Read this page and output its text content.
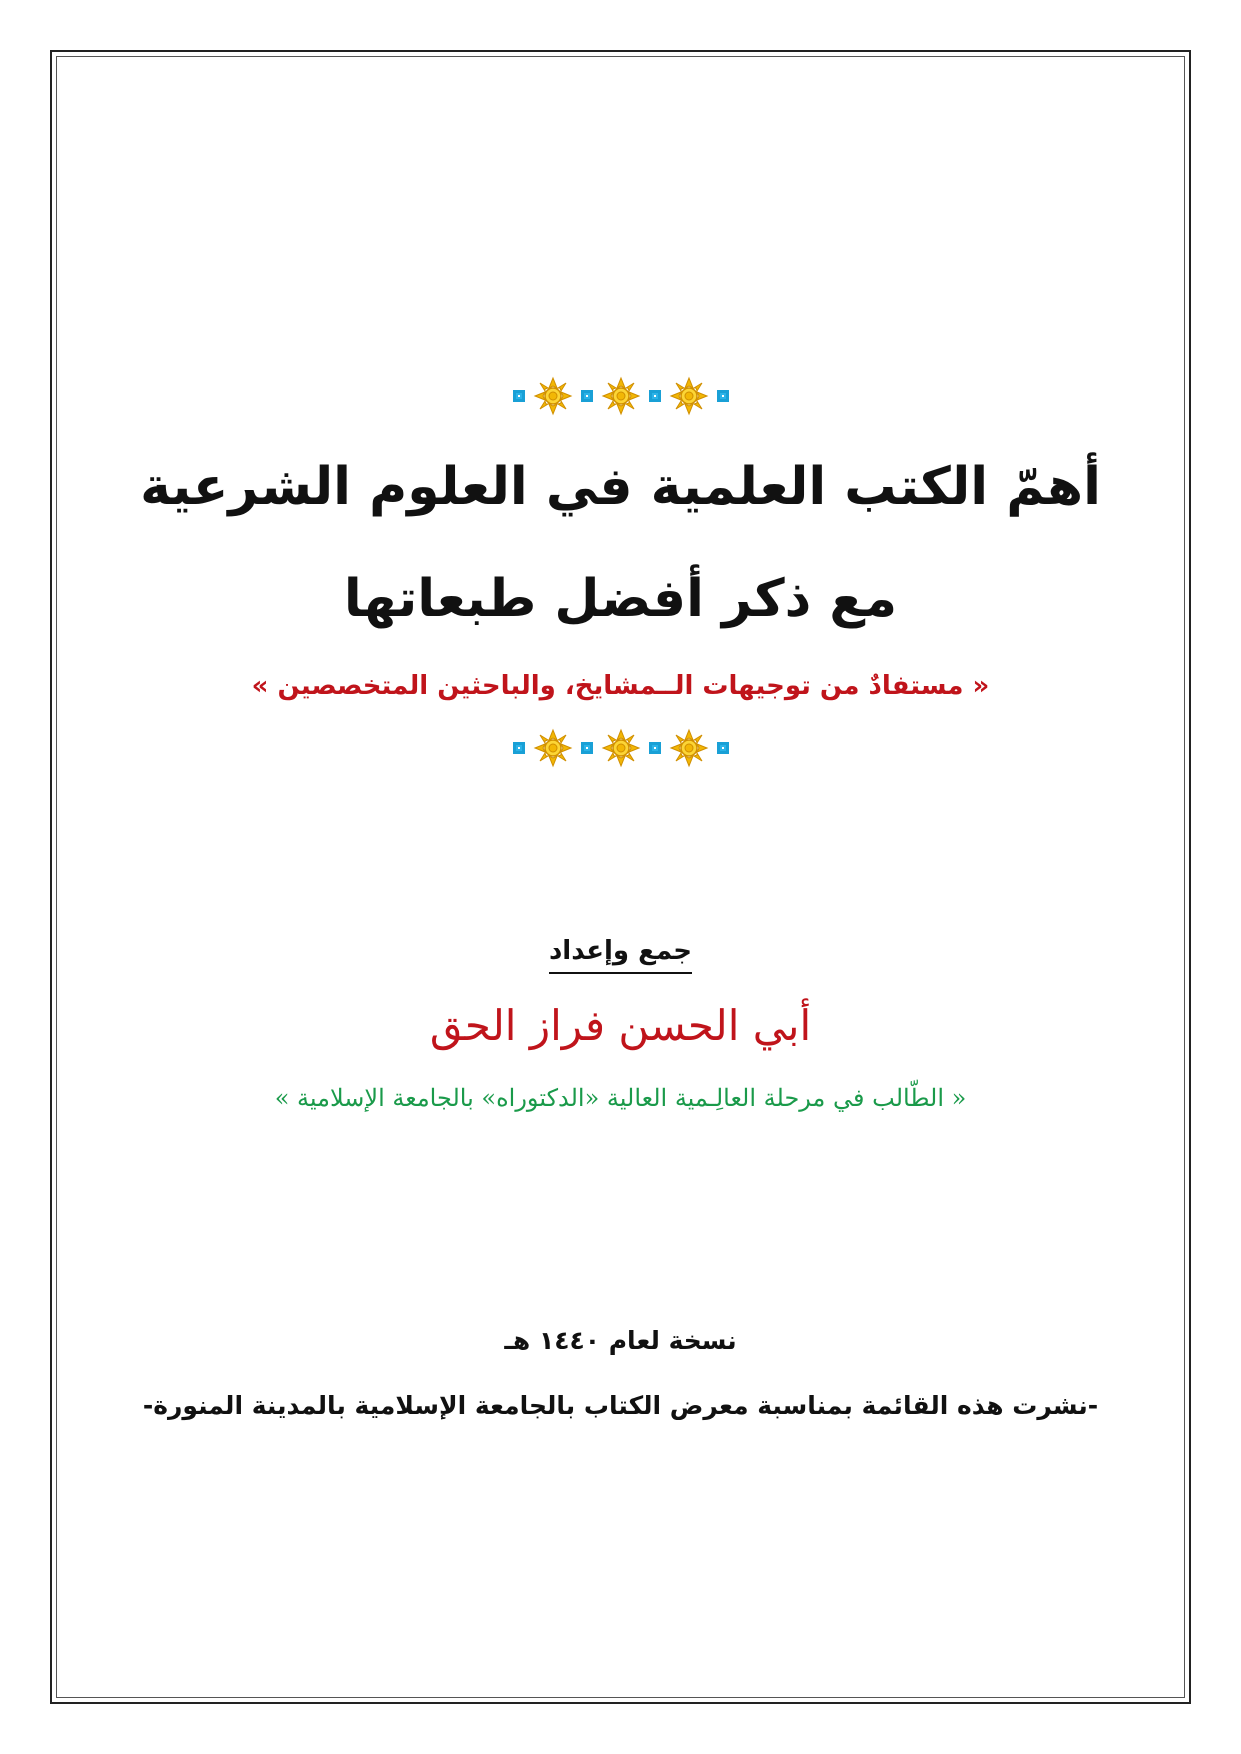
أهمّ الكتب العلمية في العلوم الشرعية
مع ذكر أفضل طبعاتها
« مستفادٌ من توجيهات الــمشايخ، والباحثين المتخصصين »
جمع وإعداد
أبي الحسن فراز الحق
« الطّالب في مرحلة العالِـمية العالية «الدكتوراه» بالجامعة الإسلامية »
نسخة لعام ١٤٤٠ هـ
-نشرت هذه القائمة بمناسبة معرض الكتاب بالجامعة الإسلامية بالمدينة المنورة-
